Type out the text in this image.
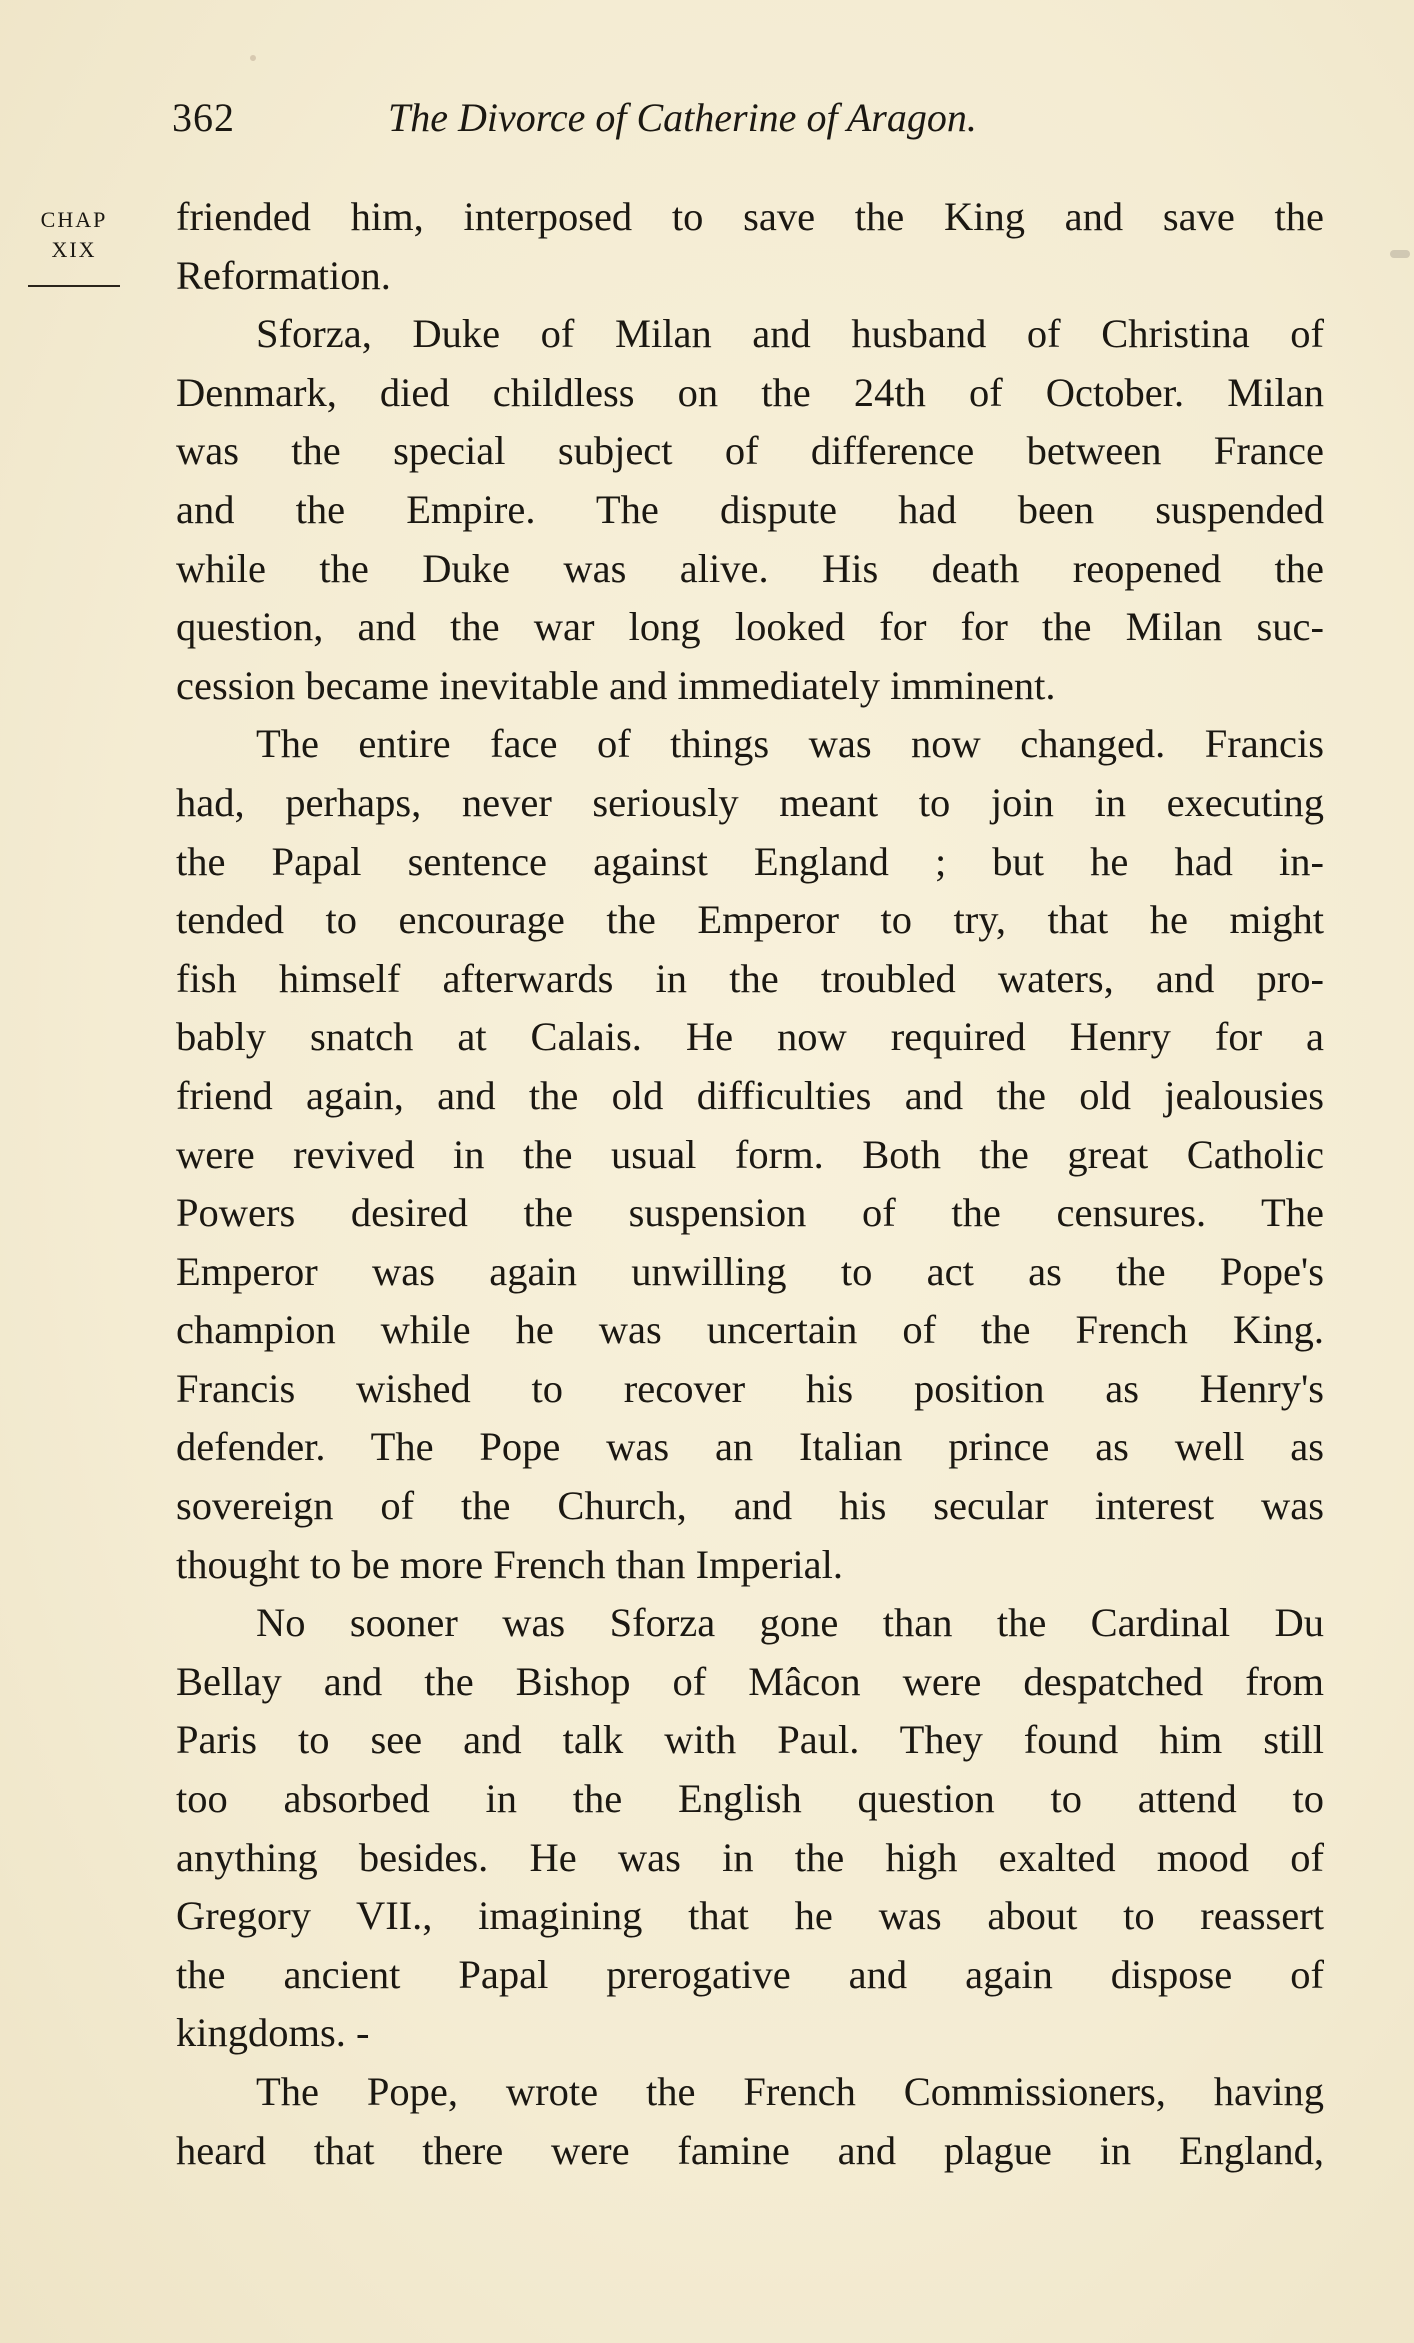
362	The Divorce of Catherine of Aragon.
CHAP
XIX
friended him, interposed to save the King and save the
Reformation.
Sforza, Duke of Milan and husband of Christina of
Denmark, died childless on the 24th of October. Milan
was the special subject of difference between France
and the Empire. The dispute had been suspended
while the Duke was alive. His death reopened the
question, and the war long looked for for the Milan suc-
cession became inevitable and immediately imminent.
The entire face of things was now changed. Francis
had, perhaps, never seriously meant to join in executing
the Papal sentence against England ; but he had in-
tended to encourage the Emperor to try, that he might
fish himself afterwards in the troubled waters, and pro-
bably snatch at Calais. He now required Henry for a
friend again, and the old difficulties and the old jealousies
were revived in the usual form. Both the great Catholic
Powers desired the suspension of the censures. The
Emperor was again unwilling to act as the Pope's
champion while he was uncertain of the French King.
Francis wished to recover his position as Henry's
defender. The Pope was an Italian prince as well as
sovereign of the Church, and his secular interest was
thought to be more French than Imperial.
No sooner was Sforza gone than the Cardinal Du
Bellay and the Bishop of Mâcon were despatched from
Paris to see and talk with Paul. They found him still
too absorbed in the English question to attend to
anything besides. He was in the high exalted mood of
Gregory VII., imagining that he was about to reassert
the ancient Papal prerogative and again dispose of
kingdoms. -
The Pope, wrote the French Commissioners, having
heard that there were famine and plague in England,
